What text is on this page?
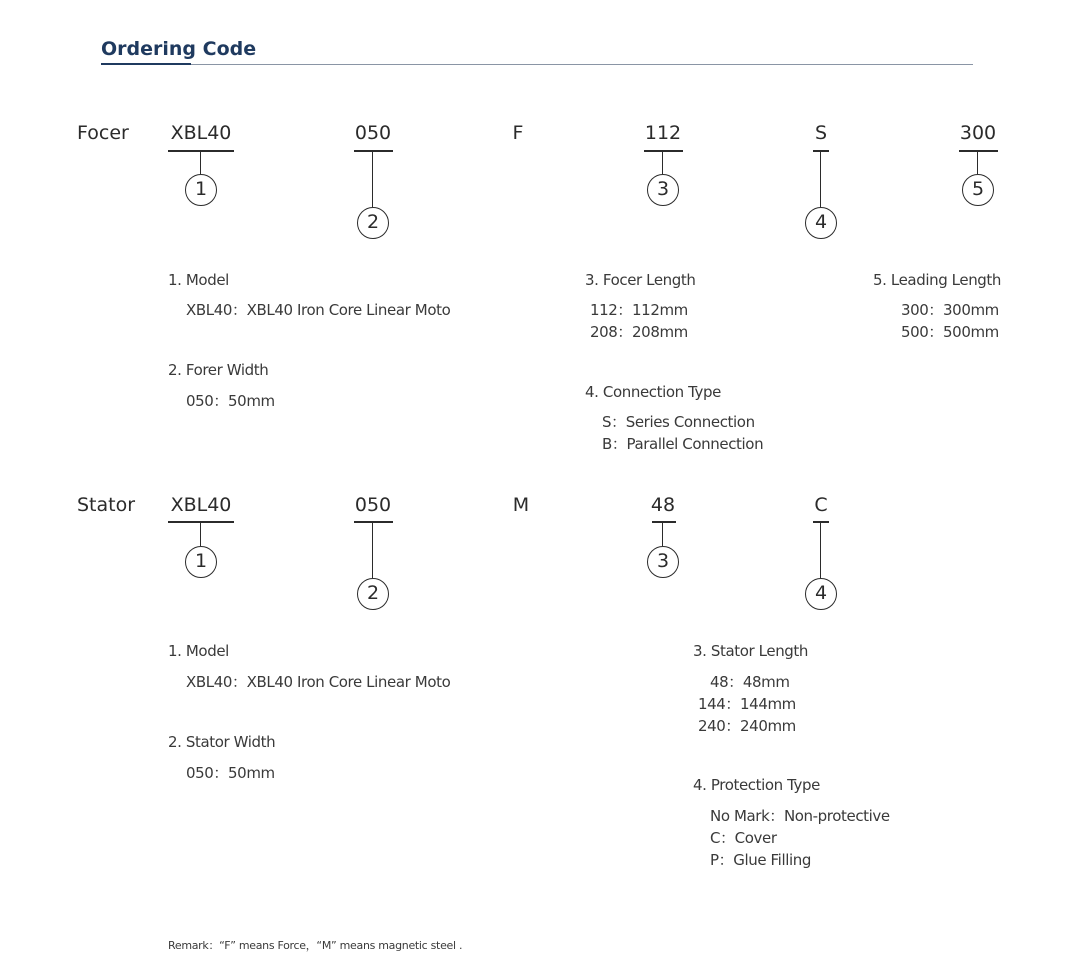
Ordering Code
Focer	XBL40
1
050
2
F	112
3
S
4
300
5
1. Model
XBL40：XBL40 Iron Core Linear Moto
2. Forer Width
050：50mm
3. Focer Length
112：112mm
208：208mm
4. Connection Type
S：Series Connection
B：Parallel Connection
5. Leading Length
300：300mm
500：500mm
Stator	XBL40
1
050
2
M	48
3
C
4
1. Model
XBL40：XBL40 Iron Core Linear Moto
2. Stator Width
050：50mm
3. Stator Length
48：48mm
144：144mm
240：240mm
4. Protection Type
No Mark：Non-protective
C：Cover
P：Glue Filling
Remark：“F” means Force，“M” means magnetic steel .
